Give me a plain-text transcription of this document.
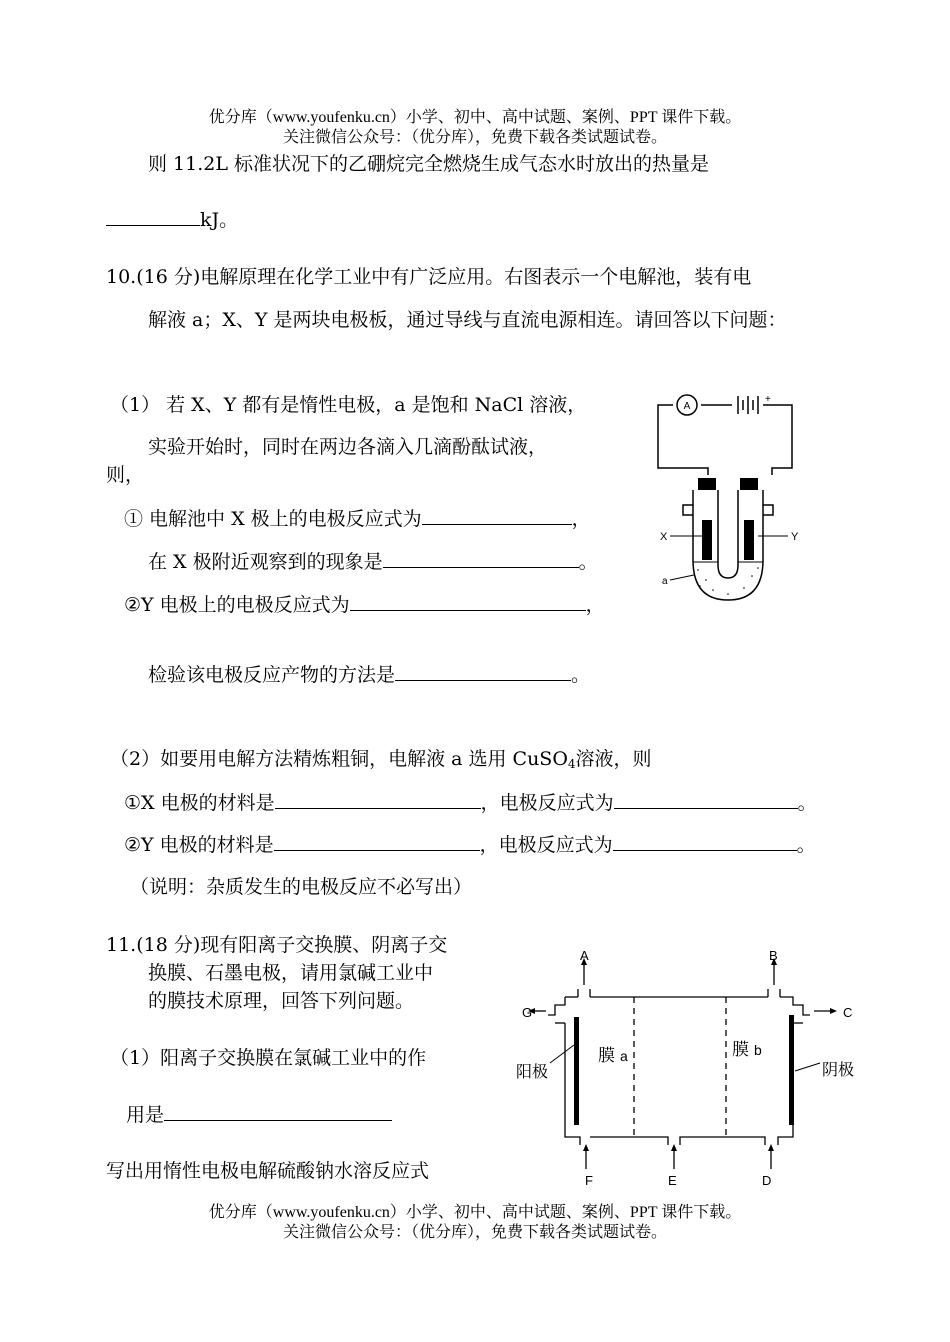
优分库（www.youfenku.cn）小学、初中、高中试题、案例、PPT 课件下载。
关注微信公众号：（优分库），免费下载各类试题试卷。
则 11.2L 标准状况下的乙硼烷完全燃烧生成气态水时放出的热量是
kJ。
10.(16 分)电解原理在化学工业中有广泛应用。右图表示一个电解池，装有电
解液 a；X、Y 是两块电极板，通过导线与直流电源相连。请回答以下问题：
（1） 若 X、Y 都有是惰性电极，a 是饱和 NaCl 溶液，
实验开始时，同时在两边各滴入几滴酚酞试液，
则，
① 电解池中 X 极上的电极反应式为	，
在 X 极附近观察到的现象是	。
②Y 电极上的电极反应式为	，
检验该电极反应产物的方法是	。
（2）如要用电解方法精炼粗铜，电解液 a 选用 CuSO$_4$溶液，则
①X 电极的材料是	，电极反应式为	。
②Y 电极的材料是	，电极反应式为	。
（说明：杂质发生的电极反应不必写出）
A
+
X	Y
a
11.(18 分)现有阳离子交换膜、阴离子交
换膜、石墨电极，请用氯碱工业中
的膜技术原理，回答下列问题。
（1）阳离子交换膜在氯碱工业中的作
用是
写出用惰性电极电解硫酸钠水溶反应式
A	B
G	C
F	E	D
阳极	阴极
膜 a	膜 b
优分库（www.youfenku.cn）小学、初中、高中试题、案例、PPT 课件下载。
关注微信公众号：（优分库），免费下载各类试题试卷。
